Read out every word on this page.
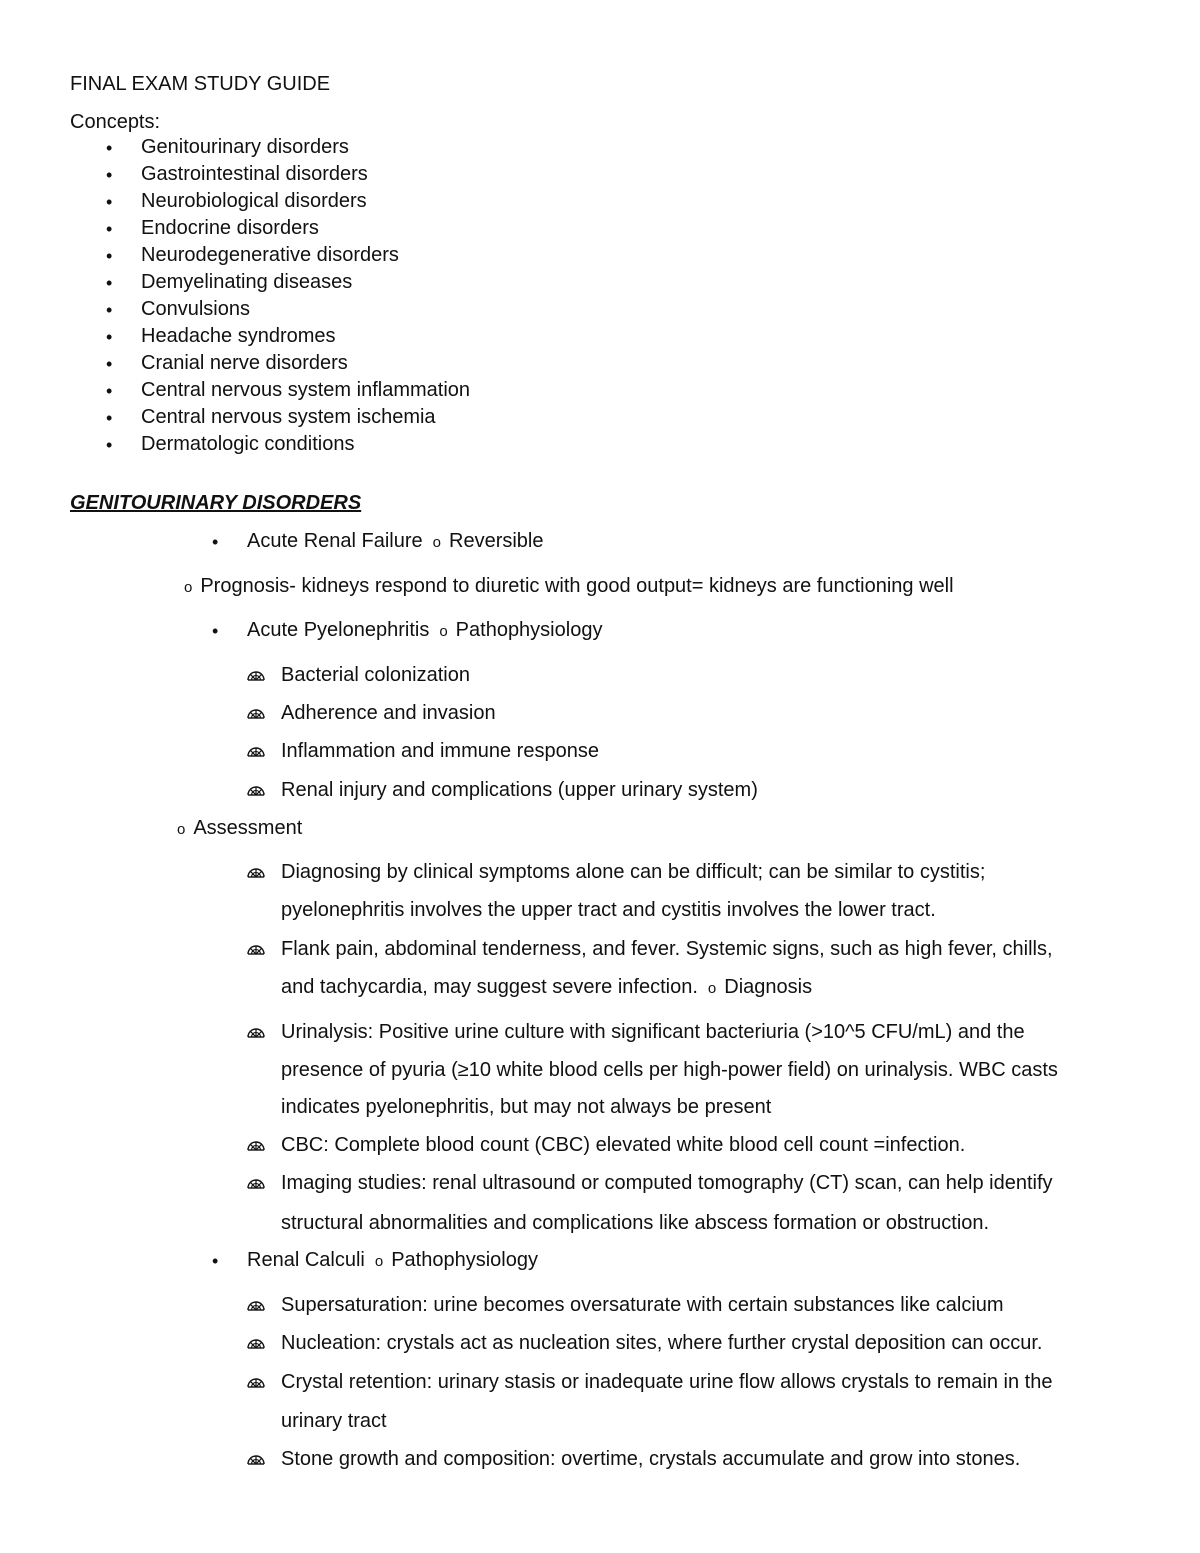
FINAL EXAM STUDY GUIDE
Concepts:
• Genitourinary disorders
• Gastrointestinal disorders
• Neurobiological disorders
• Endocrine disorders
• Neurodegenerative disorders
• Demyelinating diseases
• Convulsions
• Headache syndromes
• Cranial nerve disorders
• Central nervous system inflammation
• Central nervous system ischemia
• Dermatologic conditions
GENITOURINARY DISORDERS
• Acute Renal Failure o Reversible
o Prognosis- kidneys respond to diuretic with good output= kidneys are functioning well
• Acute Pyelonephritis o Pathophysiology
Bacterial colonization
Adherence and invasion
Inflammation and immune response
Renal injury and complications (upper urinary system)
o Assessment
Diagnosing by clinical symptoms alone can be difficult; can be similar to cystitis;
pyelonephritis involves the upper tract and cystitis involves the lower tract.
Flank pain, abdominal tenderness, and fever. Systemic signs, such as high fever, chills,
and tachycardia, may suggest severe infection. o Diagnosis
Urinalysis: Positive urine culture with significant bacteriuria (>10^5 CFU/mL) and the
presence of pyuria (≥10 white blood cells per high-power field) on urinalysis. WBC casts
indicates pyelonephritis, but may not always be present
CBC: Complete blood count (CBC) elevated white blood cell count =infection.
Imaging studies: renal ultrasound or computed tomography (CT) scan, can help identify
structural abnormalities and complications like abscess formation or obstruction.
• Renal Calculi o Pathophysiology
Supersaturation: urine becomes oversaturate with certain substances like calcium
Nucleation: crystals act as nucleation sites, where further crystal deposition can occur.
Crystal retention: urinary stasis or inadequate urine flow allows crystals to remain in the
urinary tract
Stone growth and composition: overtime, crystals accumulate and grow into stones.
